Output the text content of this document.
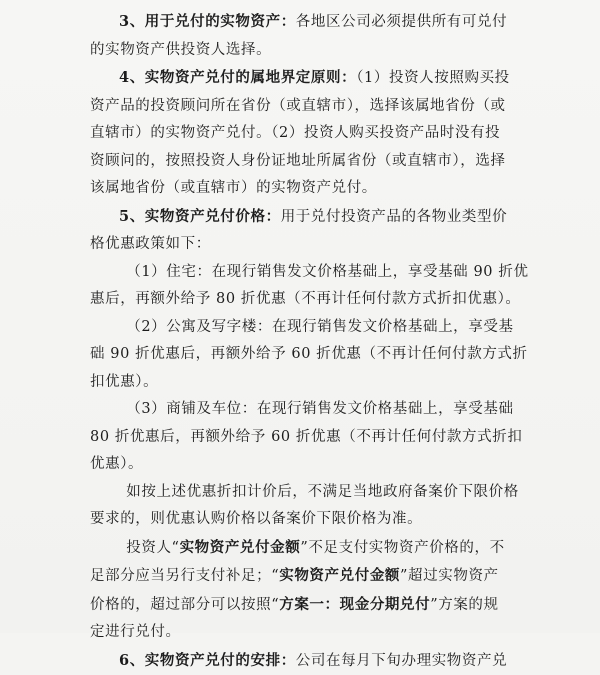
3、用于兑付的实物资产：各地区公司必须提供所有可兑付
的实物资产供投资人选择。
4、实物资产兑付的属地界定原则：（1）投资人按照购买投
资产品的投资顾问所在省份（或直辖市），选择该属地省份（或
直辖市）的实物资产兑付。（2）投资人购买投资产品时没有投
资顾问的，按照投资人身份证地址所属省份（或直辖市），选择
该属地省份（或直辖市）的实物资产兑付。
5、实物资产兑付价格：用于兑付投资产品的各物业类型价
格优惠政策如下：
（1）住宅：在现行销售发文价格基础上，享受基础 90 折优
惠后，再额外给予 80 折优惠（不再计任何付款方式折扣优惠）。
（2）公寓及写字楼：在现行销售发文价格基础上，享受基
础 90 折优惠后，再额外给予 60 折优惠（不再计任何付款方式折
扣优惠）。
（3）商铺及车位：在现行销售发文价格基础上，享受基础
80 折优惠后，再额外给予 60 折优惠（不再计任何付款方式折扣
优惠）。
如按上述优惠折扣计价后，不满足当地政府备案价下限价格
要求的，则优惠认购价格以备案价下限价格为准。
投资人“实物资产兑付金额”不足支付实物资产价格的，不
足部分应当另行支付补足；“实物资产兑付金额”超过实物资产
价格的，超过部分可以按照“方案一：现金分期兑付”方案的规
定进行兑付。
6、实物资产兑付的安排：公司在每月下旬办理实物资产兑
